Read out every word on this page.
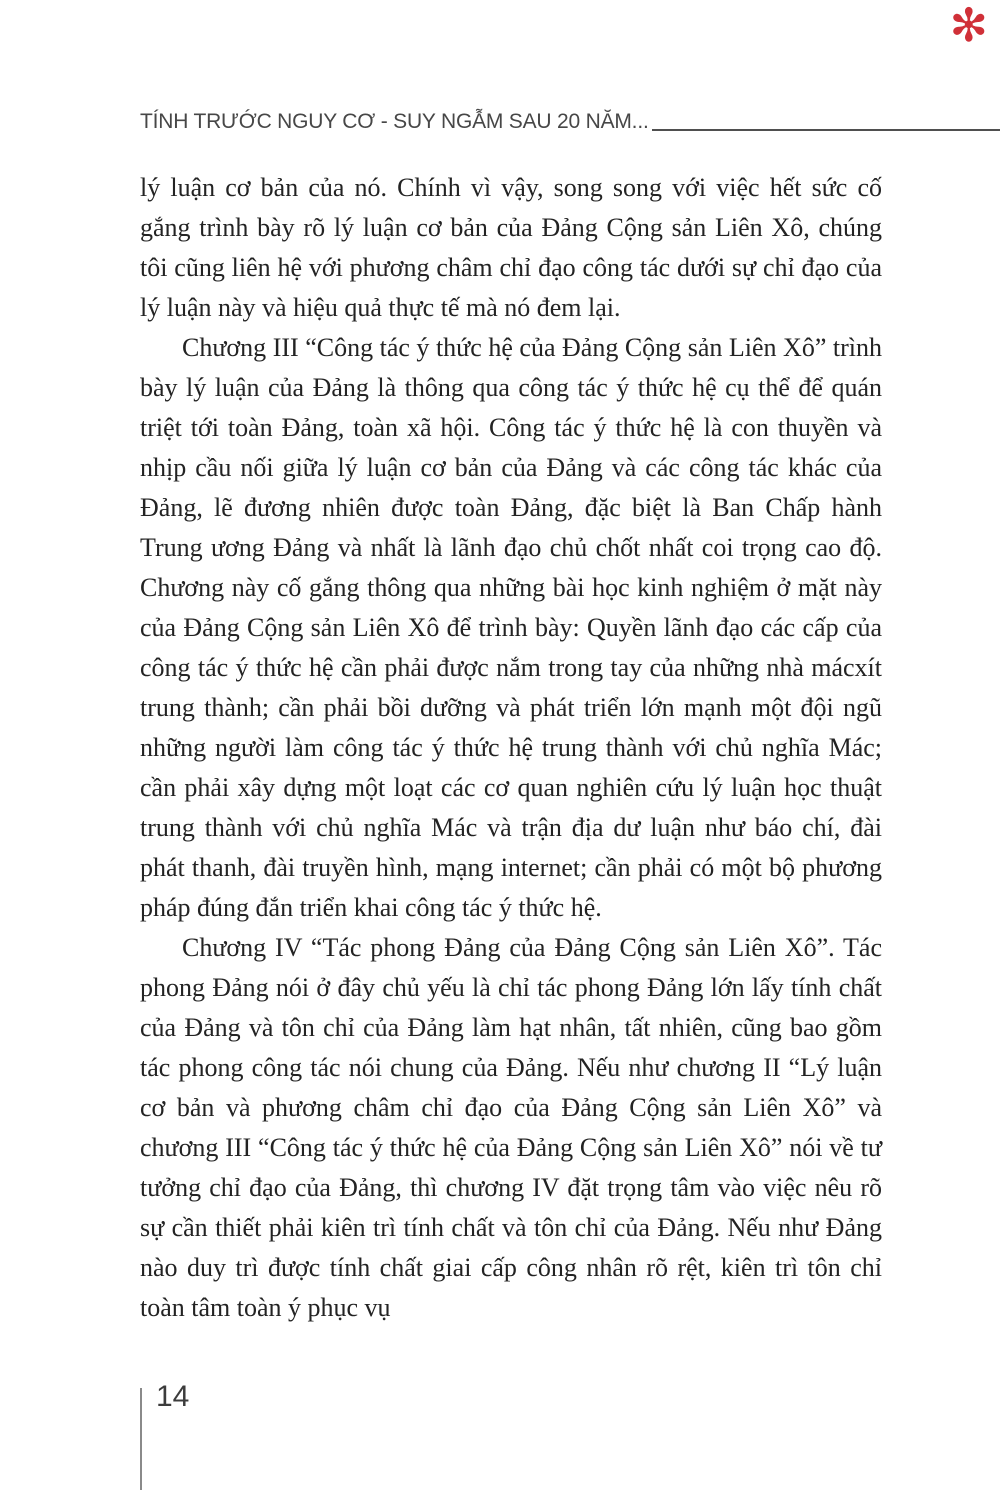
✻
TÍNH TRƯỚC NGUY CƠ - SUY NGẪM SAU 20 NĂM...

lý luận cơ bản của nó. Chính vì vậy, song song với việc hết sức cố gắng trình bày rõ lý luận cơ bản của Đảng Cộng sản Liên Xô, chúng tôi cũng liên hệ với phương châm chỉ đạo công tác dưới sự chỉ đạo của lý luận này và hiệu quả thực tế mà nó đem lại.

Chương III “Công tác ý thức hệ của Đảng Cộng sản Liên Xô” trình bày lý luận của Đảng là thông qua công tác ý thức hệ cụ thể để quán triệt tới toàn Đảng, toàn xã hội. Công tác ý thức hệ là con thuyền và nhịp cầu nối giữa lý luận cơ bản của Đảng và các công tác khác của Đảng, lẽ đương nhiên được toàn Đảng, đặc biệt là Ban Chấp hành Trung ương Đảng và nhất là lãnh đạo chủ chốt nhất coi trọng cao độ. Chương này cố gắng thông qua những bài học kinh nghiệm ở mặt này của Đảng Cộng sản Liên Xô để trình bày: Quyền lãnh đạo các cấp của công tác ý thức hệ cần phải được nắm trong tay của những nhà mácxít trung thành; cần phải bồi dưỡng và phát triển lớn mạnh một đội ngũ những người làm công tác ý thức hệ trung thành với chủ nghĩa Mác; cần phải xây dựng một loạt các cơ quan nghiên cứu lý luận học thuật trung thành với chủ nghĩa Mác và trận địa dư luận như báo chí, đài phát thanh, đài truyền hình, mạng internet; cần phải có một bộ phương pháp đúng đắn triển khai công tác ý thức hệ.

Chương IV “Tác phong Đảng của Đảng Cộng sản Liên Xô”. Tác phong Đảng nói ở đây chủ yếu là chỉ tác phong Đảng lớn lấy tính chất của Đảng và tôn chỉ của Đảng làm hạt nhân, tất nhiên, cũng bao gồm tác phong công tác nói chung của Đảng. Nếu như chương II “Lý luận cơ bản và phương châm chỉ đạo của Đảng Cộng sản Liên Xô” và chương III “Công tác ý thức hệ của Đảng Cộng sản Liên Xô” nói về tư tưởng chỉ đạo của Đảng, thì chương IV đặt trọng tâm vào việc nêu rõ sự cần thiết phải kiên trì tính chất và tôn chỉ của Đảng. Nếu như Đảng nào duy trì được tính chất giai cấp công nhân rõ rệt, kiên trì tôn chỉ toàn tâm toàn ý phục vụ

14
